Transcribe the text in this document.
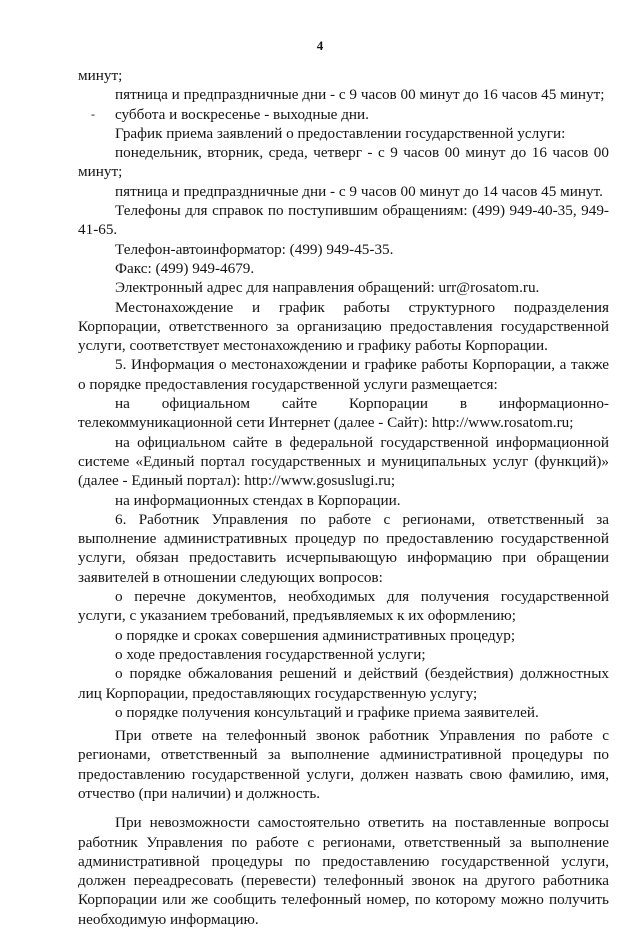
4

минут;

пятница и предпраздничные дни - с 9 часов 00 минут до 16 часов 45 минут;

-	суббота и воскресенье - выходные дни.

График приема заявлений о предоставлении государственной услуги:

понедельник, вторник, среда, четверг - с 9 часов 00 минут до 16 часов 00 минут;

пятница и предпраздничные дни - с 9 часов 00 минут до 14 часов 45 минут.

Телефоны для справок по поступившим обращениям: (499) 949-40-35, 949-41-65.

Телефон-автоинформатор: (499) 949-45-35.

Факс: (499) 949-4679.

Электронный адрес для направления обращений: urr@rosatom.ru.

Местонахождение и график работы структурного подразделения Корпорации, ответственного за организацию предоставления государственной услуги, соответствует местонахождению и графику работы Корпорации.

5. Информация о местонахождении и графике работы Корпорации, а также о порядке предоставления государственной услуги размещается:

на официальном сайте Корпорации в информационно-телекоммуникационной сети Интернет (далее - Сайт): http://www.rosatom.ru;

на официальном сайте в федеральной государственной информационной системе «Единый портал государственных и муниципальных услуг (функций)» (далее - Единый портал): http://www.gosuslugi.ru;

на информационных стендах в Корпорации.

6. Работник Управления по работе с регионами, ответственный за выполнение административных процедур по предоставлению государственной услуги, обязан предоставить исчерпывающую информацию при обращении заявителей в отношении следующих вопросов:

о перечне документов, необходимых для получения государственной услуги, с указанием требований, предъявляемых к их оформлению;

о порядке и сроках совершения административных процедур;

о ходе предоставления государственной услуги;

о порядке обжалования решений и действий (бездействия) должностных лиц Корпорации, предоставляющих государственную услугу;

о порядке получения консультаций и графике приема заявителей.

При ответе на телефонный звонок работник Управления по работе с регионами, ответственный за выполнение административной процедуры по предоставлению государственной услуги, должен назвать свою фамилию, имя, отчество (при наличии) и должность.

При невозможности самостоятельно ответить на поставленные вопросы работник Управления по работе с регионами, ответственный за выполнение административной процедуры по предоставлению государственной услуги, должен переадресовать (перевести) телефонный звонок на другого работника Корпорации или же сообщить телефонный номер, по которому можно получить необходимую информацию.
